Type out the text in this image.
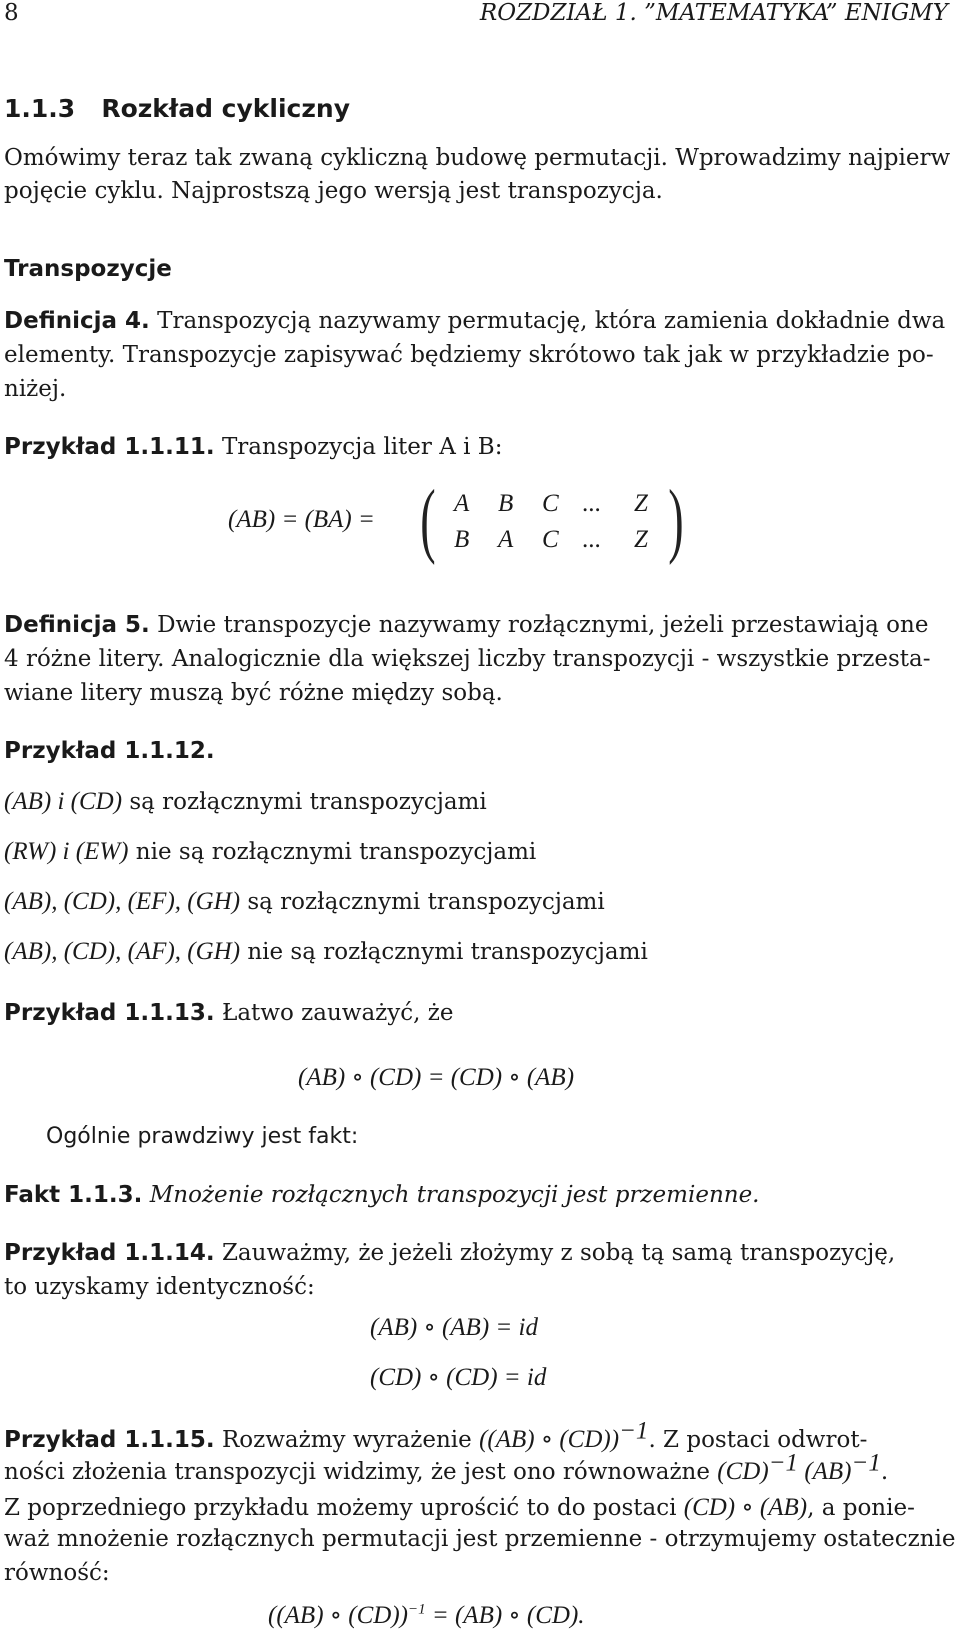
8	ROZDZIAŁ 1. ”MATEMATYKA” ENIGMY
1.1.3 Rozkład cykliczny
Omówimy teraz tak zwaną cykliczną budowę permutacji. Wprowadzimy najpierw
pojęcie cyklu. Najprostszą jego wersją jest transpozycja.
Transpozycje
Definicja 4. Transpozycją nazywamy permutację, która zamienia dokładnie dwa
elementy. Transpozycje zapisywać będziemy skrótowo tak jak w przykładzie po-
niżej.
Przykład 1.1.11. Transpozycja liter A i B:
(AB) = (BA) = (	)
A B C ... Z
B A C ... Z
Definicja 5. Dwie transpozycje nazywamy rozłącznymi, jeżeli przestawiają one
4 różne litery. Analogicznie dla większej liczby transpozycji - wszystkie przesta-
wiane litery muszą być różne między sobą.
Przykład 1.1.12.
(AB) i (CD) są rozłącznymi transpozycjami
(RW) i (EW) nie są rozłącznymi transpozycjami
(AB), (CD), (EF), (GH) są rozłącznymi transpozycjami
(AB), (CD), (AF), (GH) nie są rozłącznymi transpozycjami
Przykład 1.1.13. Łatwo zauważyć, że
(AB) ∘ (CD) = (CD) ∘ (AB)
Ogólnie prawdziwy jest fakt:
Fakt 1.1.3. Mnożenie rozłącznych transpozycji jest przemienne.
Przykład 1.1.14. Zauważmy, że jeżeli złożymy z sobą tą samą transpozycję,
to uzyskamy identyczność:
(AB) ∘ (AB) = id
(CD) ∘ (CD) = id
Przykład 1.1.15. Rozważmy wyrażenie ((AB) ∘ (CD))$^{-1}$. Z postaci odwrot-
ności złożenia transpozycji widzimy, że jest ono równoważne (CD)$^{-1}$ (AB)$^{-1}$.
Z poprzedniego przykładu możemy uprościć to do postaci (CD) ∘ (AB), a ponie-
waż mnożenie rozłącznych permutacji jest przemienne - otrzymujemy ostatecznie
równość:
((AB) ∘ (CD))$^{-1}$ = (AB) ∘ (CD).
